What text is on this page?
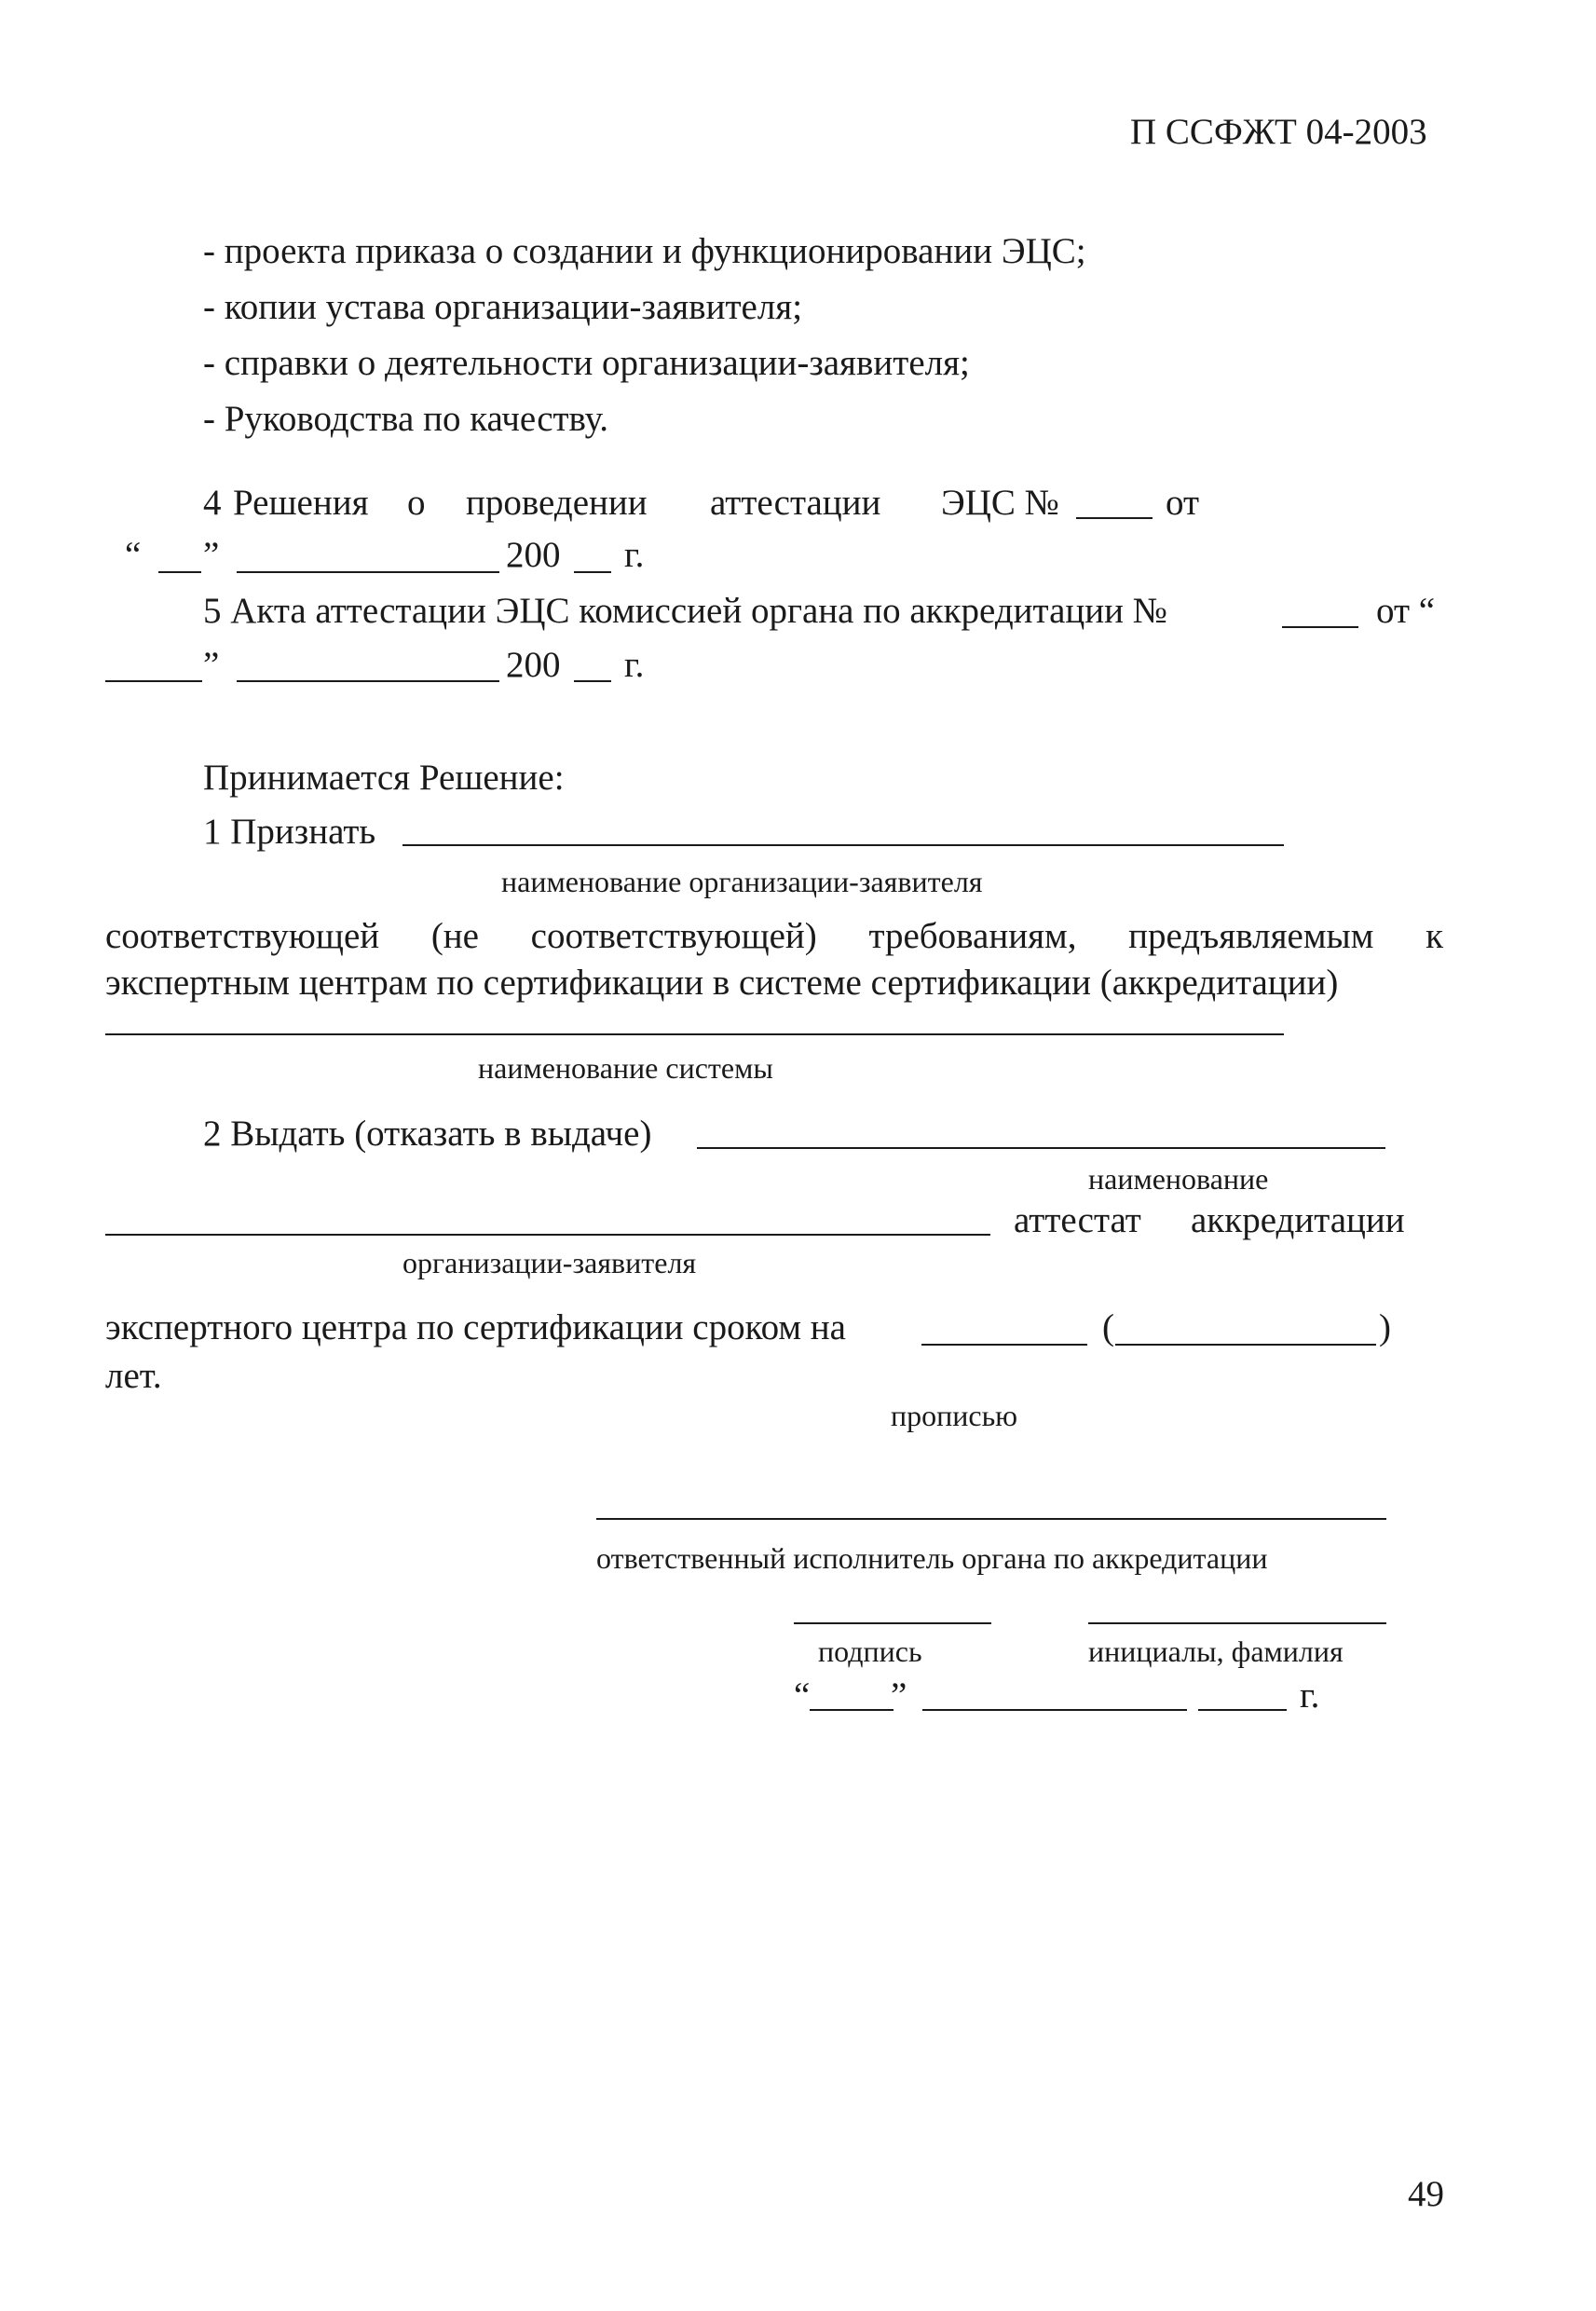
П ССФЖТ 04-2003
- проекта приказа о создании и функционировании ЭЦС;
- копии устава организации-заявителя;
- справки о деятельности организации-заявителя;
- Руководства по качеству.
4 Решения о проведении аттестации ЭЦС №	от
“ ”	200 г.
5 Акта аттестации ЭЦС комиссией органа по аккредитации №	от “
”	200 г.
Принимается Решение:
1 Признать
наименование организации-заявителя
соответствующей (не соответствующей) требованиям, предъявляемым к
экспертным центрам по сертификации в системе сертификации (аккредитации)
наименование системы
2 Выдать (отказать в выдаче)
наименование
аттестат аккредитации
организации-заявителя
экспертного центра по сертификации сроком на	(	)
лет.
прописью
ответственный исполнитель органа по аккредитации
подпись	инициалы, фамилия
“ ”	г.
49
